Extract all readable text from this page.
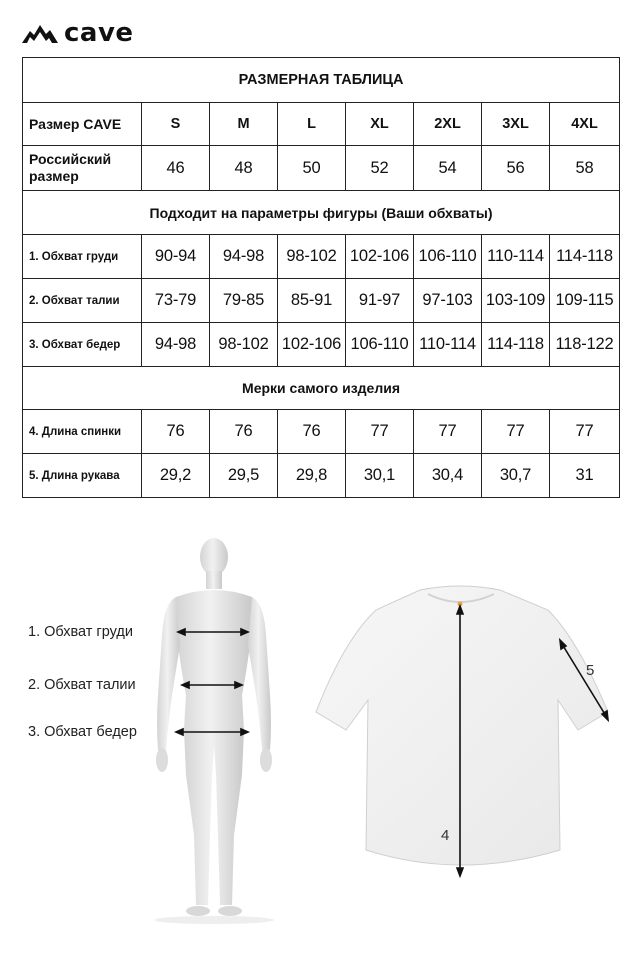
cave
РАЗМЕРНАЯ ТАБЛИЦА							
Размер CAVE	S	M	L	XL	2XL	3XL	4XL
Российский размер	46	48	50	52	54	56	58
Подходит на параметры фигуры (Ваши обхваты)							
1. Обхват груди	90-94	94-98	98-102	102-106	106-110	110-114	114-118
2. Обхват талии	73-79	79-85	85-91	91-97	97-103	103-109	109-115
3. Обхват бедер	94-98	98-102	102-106	106-110	110-114	114-118	118-122
Мерки самого изделия							
4. Длина спинки	76	76	76	77	77	77	77
5. Длина рукава	29,2	29,5	29,8	30,1	30,4	30,7	31
1. Обхват груди
2. Обхват талии
3. Обхват бедер
4
5
